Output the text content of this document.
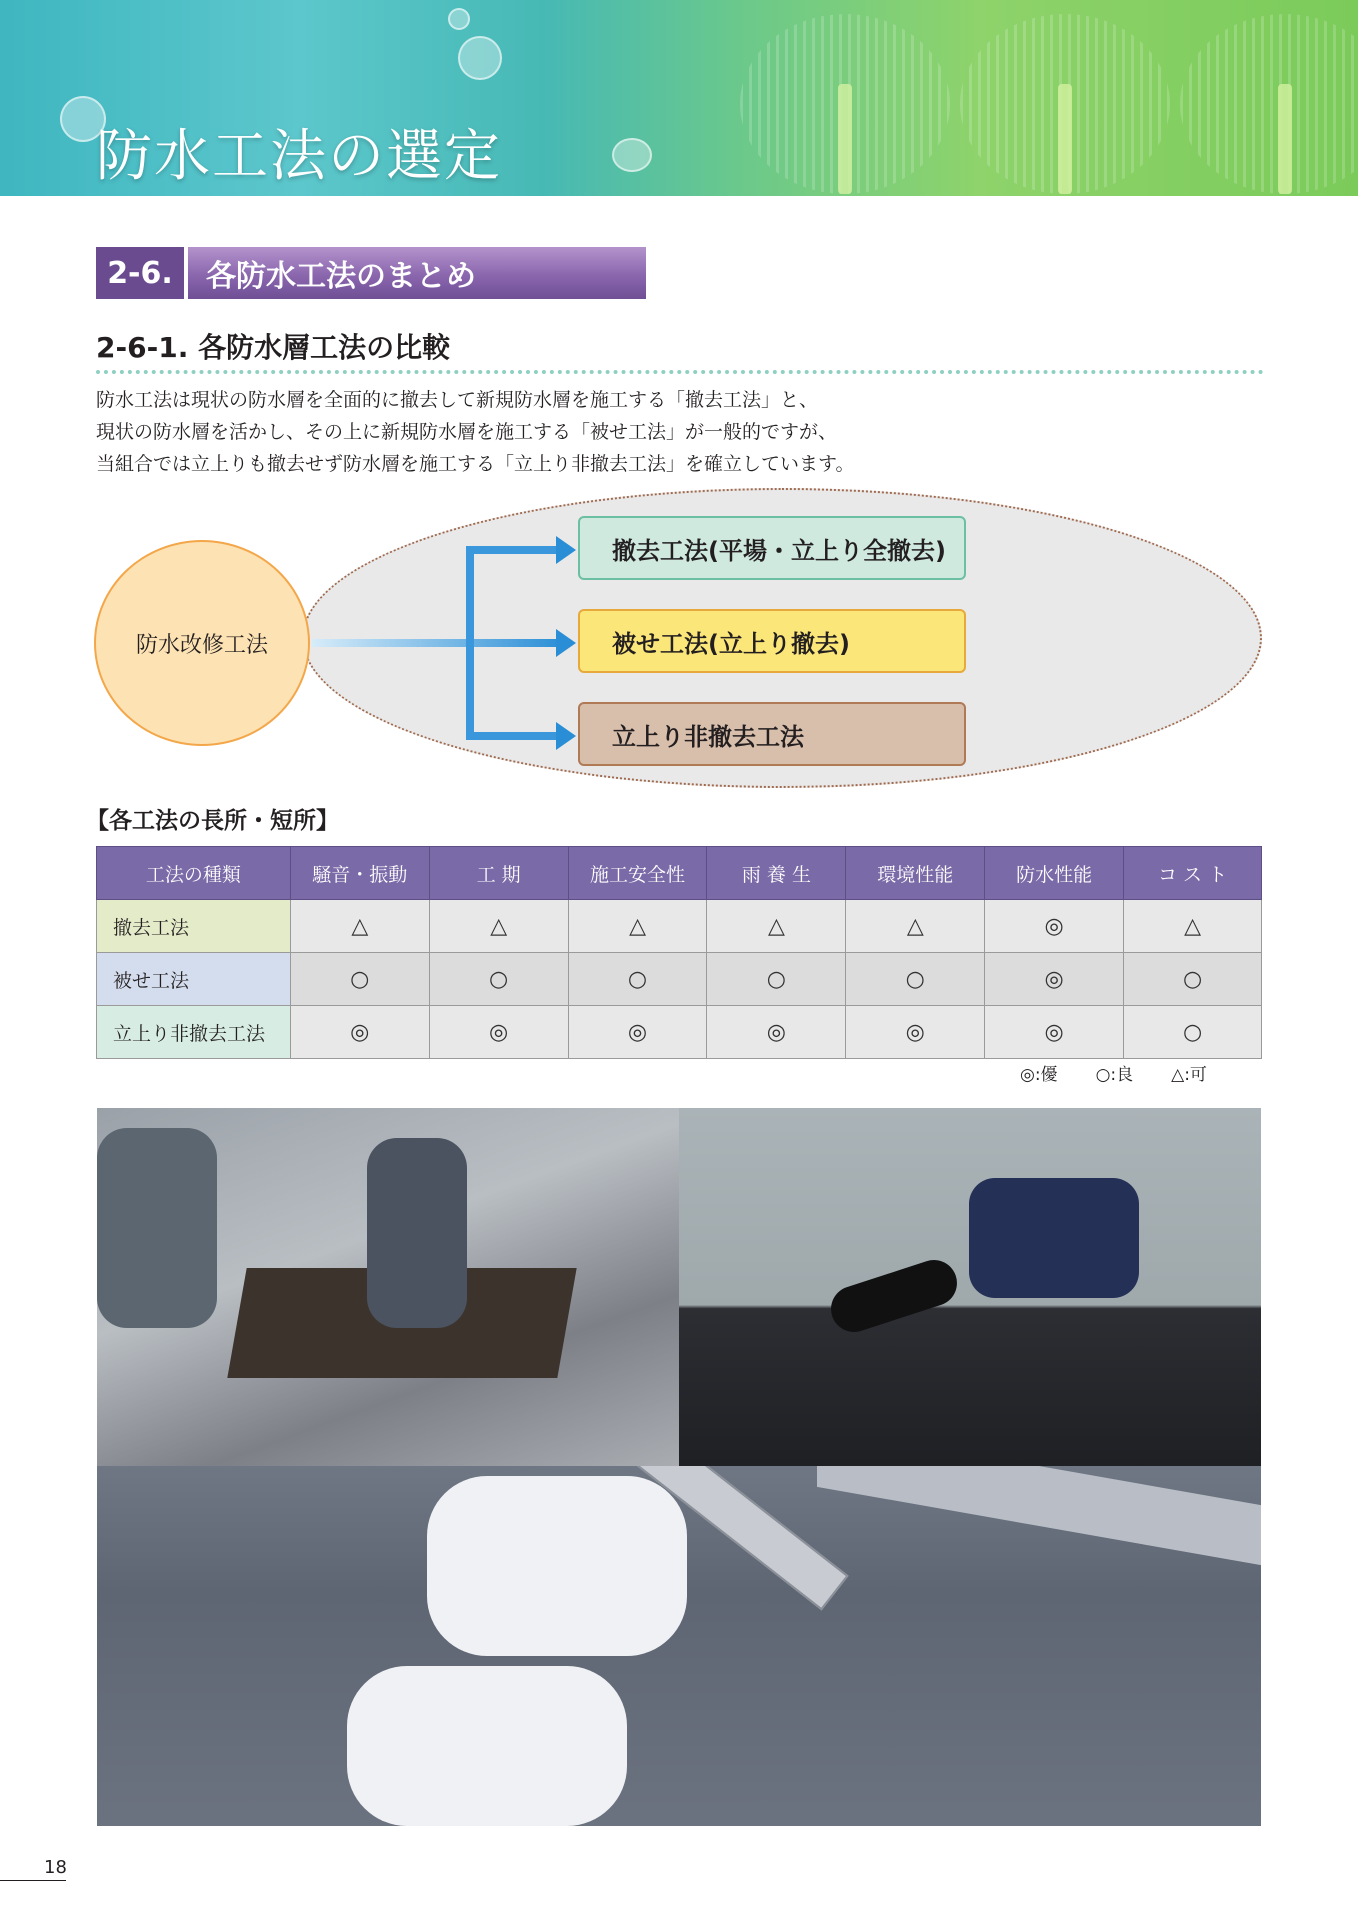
防水工法の選定
2-6.	各防水工法のまとめ
2-6-1. 各防水層工法の比較

防水工法は現状の防水層を全面的に撤去して新規防水層を施工する「撤去工法」と、

現状の防水層を活かし、その上に新規防水層を施工する「被せ工法」が一般的ですが、

当組合では立上りも撤去せず防水層を施工する「立上り非撤去工法」を確立しています。

防水改修工法
撤去工法(平場・立上り全撤去)
被せ工法(立上り撤去)
立上り非撤去工法
【各工法の長所・短所】
工法の種類	騒音・振動	工 期	施工安全性	雨 養 生	環境性能	防水性能	コ ス ト
撤去工法	△	△	△	△	△	◎	△
被せ工法	○	○	○	○	○	◎	○
立上り非撤去工法	◎	◎	◎	◎	◎	◎	○
◎:優 ○:良 △:可
18
